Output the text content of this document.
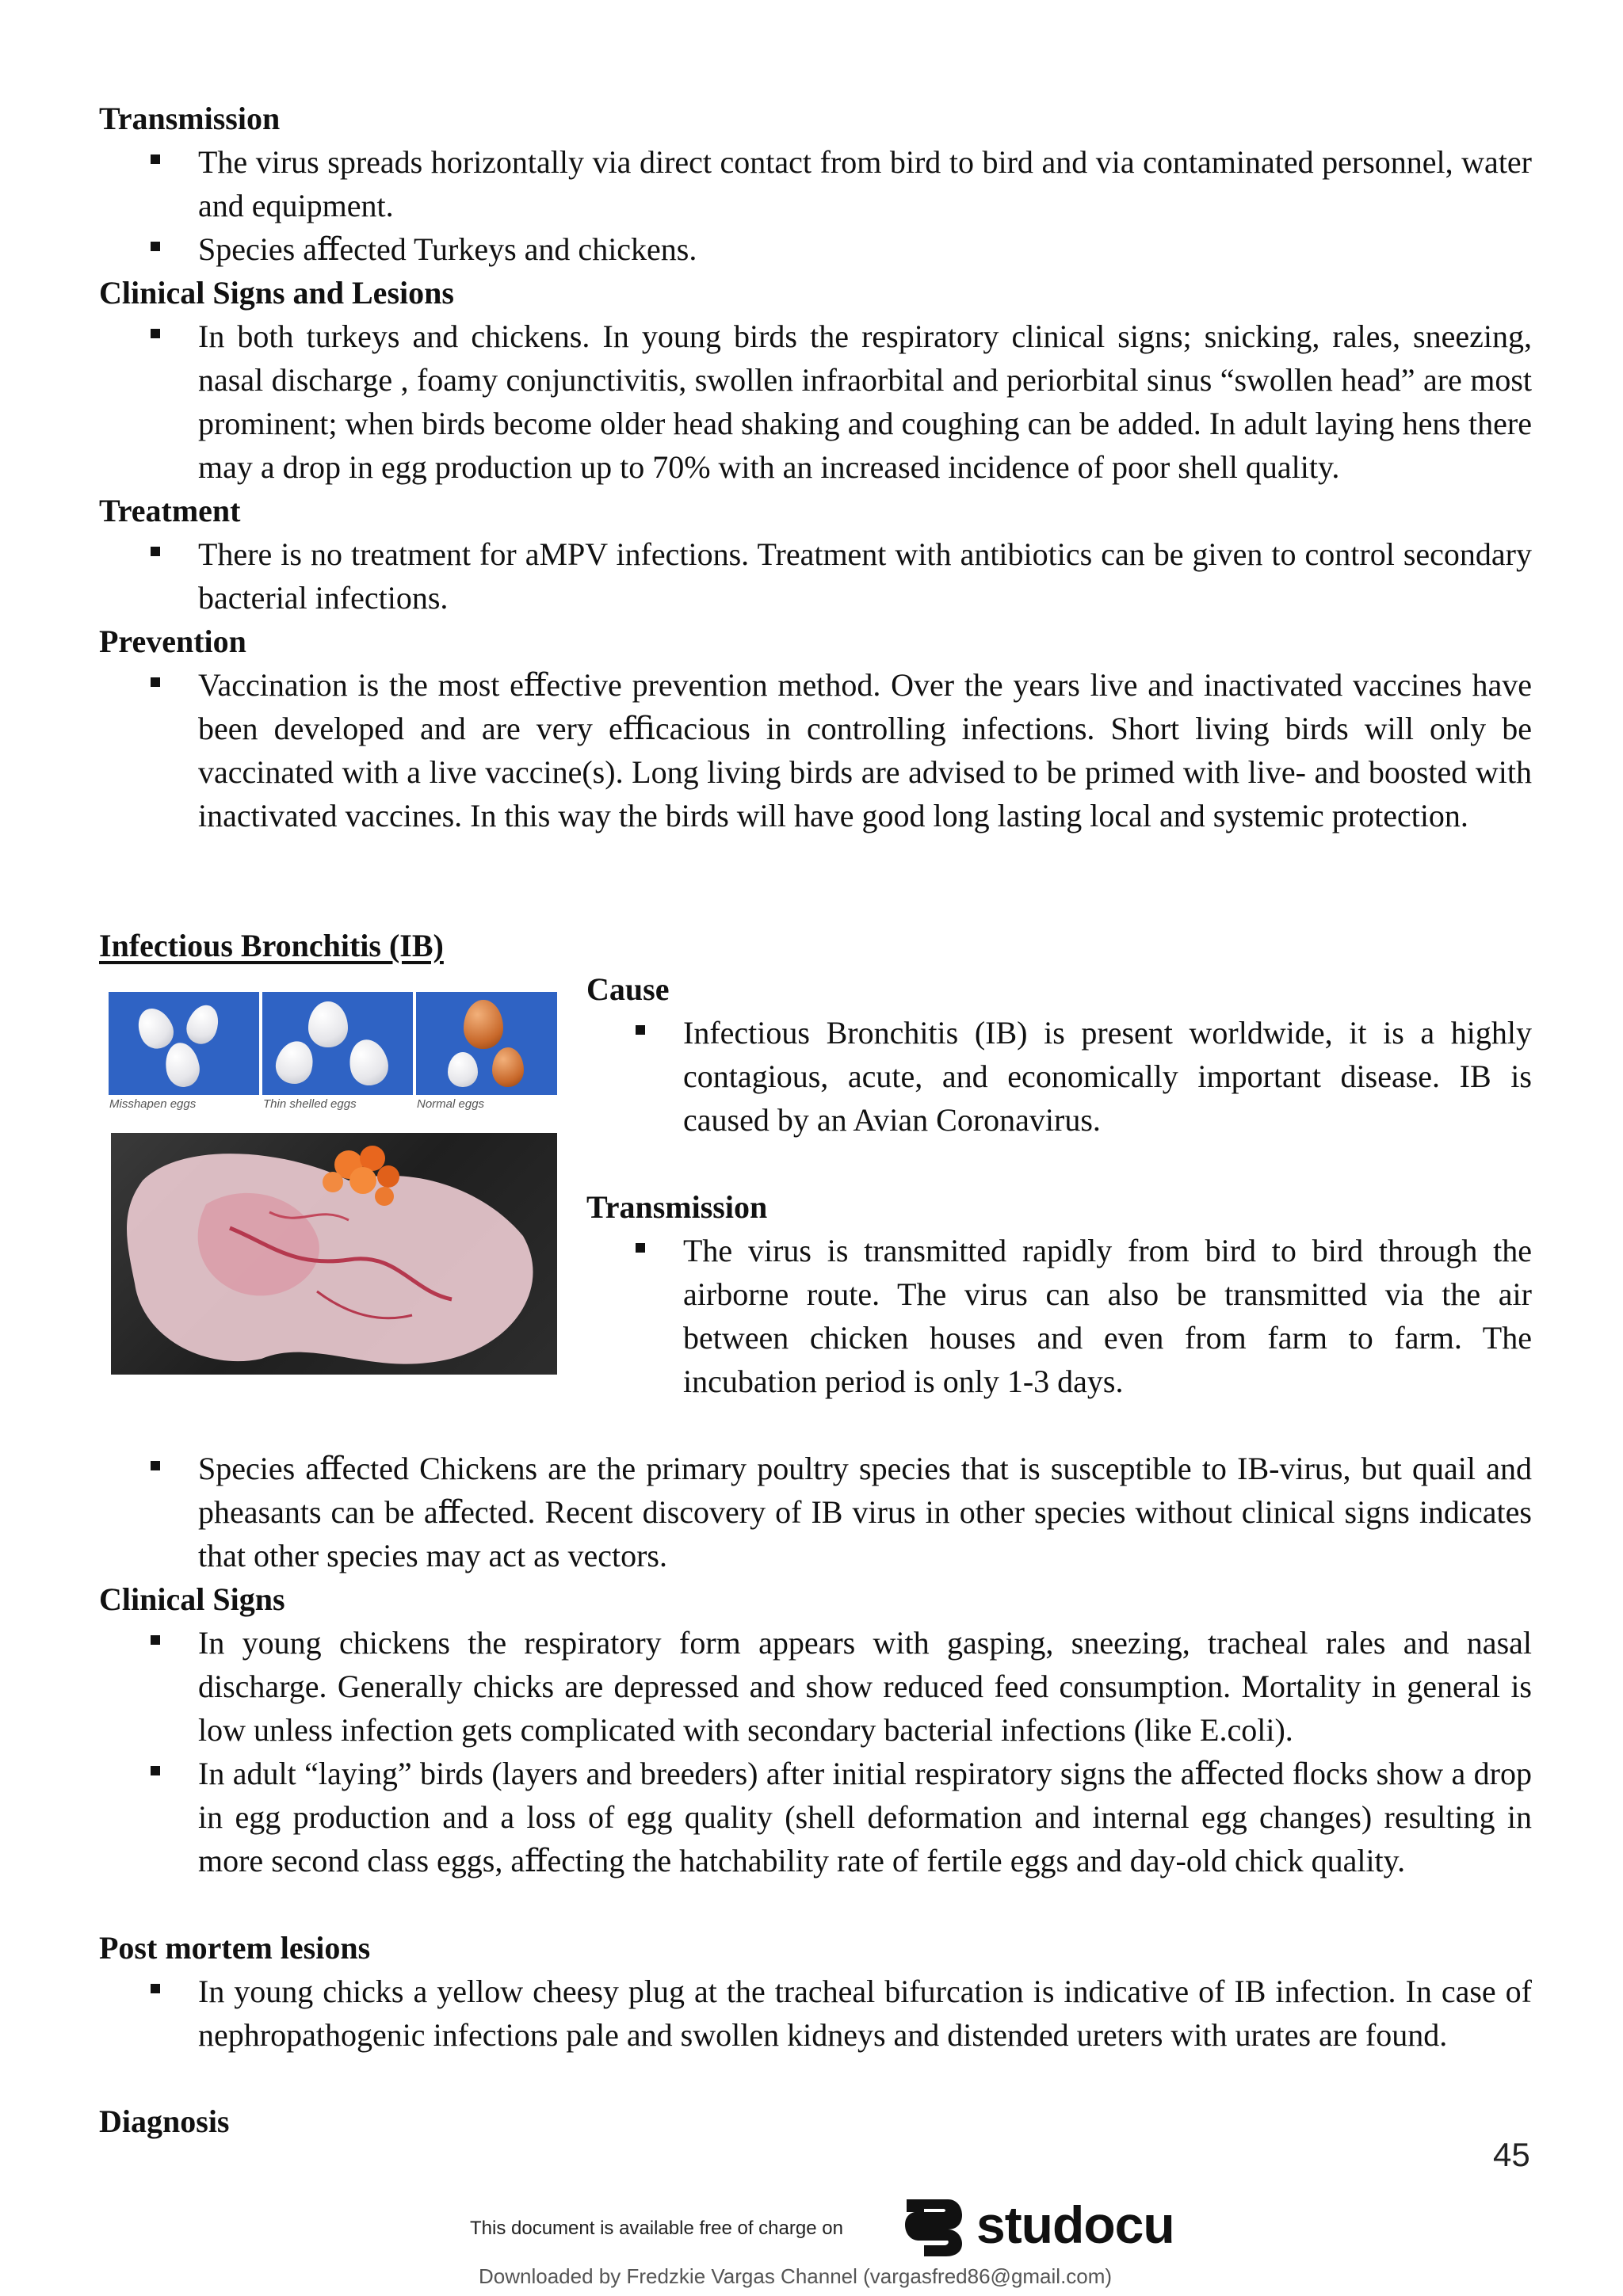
Transmission
The virus spreads horizontally via direct contact from bird to bird and via contaminated personnel, water and equipment.
Species aﬀected Turkeys and chickens.
Clinical Signs and Lesions
In both turkeys and chickens. In young birds the respiratory clinical signs; snicking, rales, sneezing, nasal discharge , foamy conjunctivitis, swollen infraorbital and periorbital sinus “swollen head” are most prominent; when birds become older head shaking and coughing can be added. In adult laying hens there may a drop in egg production up to 70% with an increased incidence of poor shell quality.
Treatment
There is no treatment for aMPV infections. Treatment with antibiotics can be given to control secondary bacterial infections.
Prevention
Vaccination is the most eﬀective prevention method. Over the years live and inactivated vaccines have been developed and are very eﬃcacious in controlling infections. Short living birds will only be vaccinated with a live vaccine(s). Long living birds are advised to be primed with live- and boosted with inactivated vaccines. In this way the birds will have good long lasting local and systemic protection.
Infectious Bronchitis (IB)
Misshapen eggs	Thin shelled eggs	Normal eggs
Cause
Infectious Bronchitis (IB) is present worldwide, it is a highly contagious, acute, and economically important disease. IB is caused by an Avian Coronavirus.
Transmission
The virus is transmitted rapidly from bird to bird through the airborne route. The virus can also be transmitted via the air between chicken houses and even from farm to farm. The incubation period is only 1-3 days.
Species aﬀected Chickens are the primary poultry species that is susceptible to IB-virus, but quail and pheasants can be aﬀected. Recent discovery of IB virus in other species without clinical signs indicates that other species may act as vectors.
Clinical Signs
In young chickens the respiratory form appears with gasping, sneezing, tracheal rales and nasal discharge. Generally chicks are depressed and show reduced feed consumption. Mortality in general is low unless infection gets complicated with secondary bacterial infections (like E.coli).
In adult “laying” birds (layers and breeders) after initial respiratory signs the aﬀected ﬂocks show a drop in egg production and a loss of egg quality (shell deformation and internal egg changes) resulting in more second class eggs, aﬀecting the hatchability rate of fertile eggs and day-old chick quality.
Post mortem lesions
In young chicks a yellow cheesy plug at the tracheal bifurcation is indicative of IB infection. In case of nephropathogenic infections pale and swollen kidneys and distended ureters with urates are found.
Diagnosis
45
This document is available free of charge on	studocu
Downloaded by Fredzkie Vargas Channel (vargasfred86@gmail.com)
